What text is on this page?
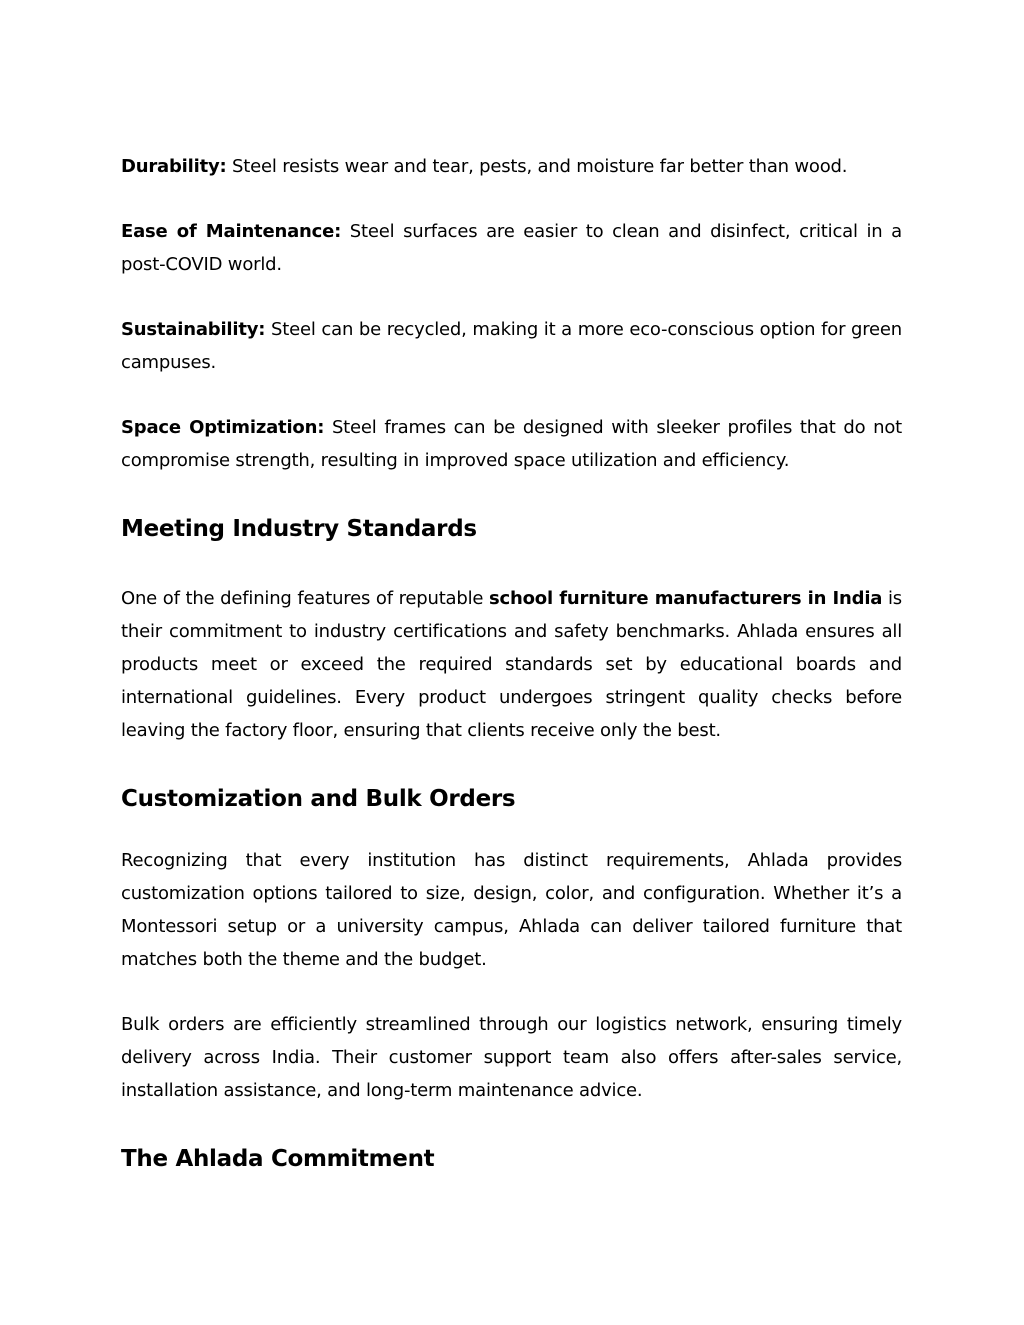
Durability: Steel resists wear and tear, pests, and moisture far better than wood.

Ease of Maintenance: Steel surfaces are easier to clean and disinfect, critical in a post-COVID world.

Sustainability: Steel can be recycled, making it a more eco-conscious option for green campuses.

Space Optimization: Steel frames can be designed with sleeker profiles that do not compromise strength, resulting in improved space utilization and efficiency.

Meeting Industry Standards

One of the defining features of reputable school furniture manufacturers in India is their commitment to industry certifications and safety benchmarks. Ahlada ensures all products meet or exceed the required standards set by educational boards and international guidelines. Every product undergoes stringent quality checks before leaving the factory floor, ensuring that clients receive only the best.

Customization and Bulk Orders

Recognizing that every institution has distinct requirements, Ahlada provides customization options tailored to size, design, color, and configuration. Whether it’s a Montessori setup or a university campus, Ahlada can deliver tailored furniture that matches both the theme and the budget.

Bulk orders are efficiently streamlined through our logistics network, ensuring timely delivery across India. Their customer support team also offers after-sales service, installation assistance, and long-term maintenance advice.

The Ahlada Commitment
